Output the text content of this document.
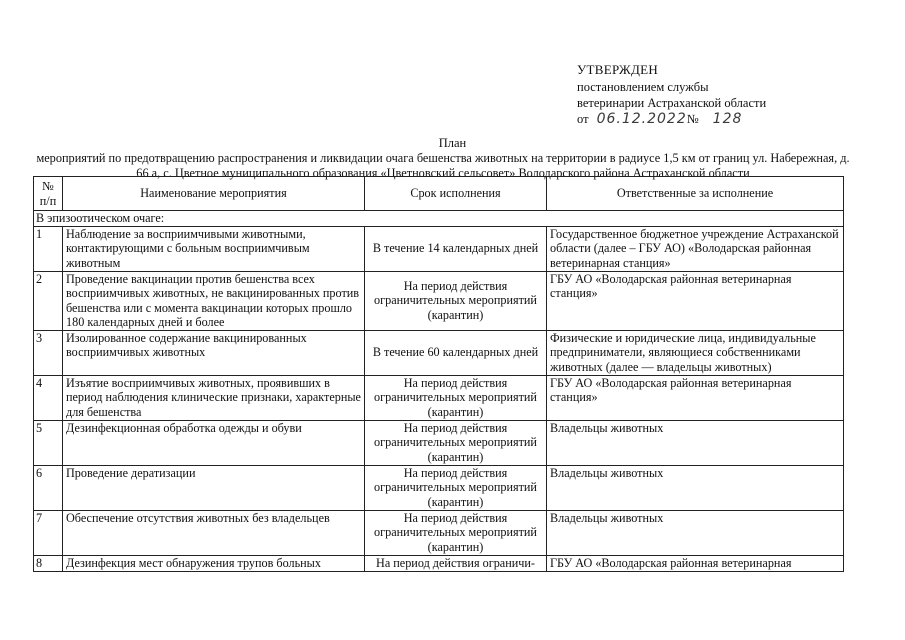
УТВЕРЖДЕН
постановлением службы
ветеринарии Астраханской области
от 06.12.2022№ 128
План
мероприятий по предотвращению распространения и ликвидации очага бешенства животных на территории в радиусе 1,5 км от границ ул. Набережная, д. 66 а, с. Цветное муниципального образования «Цветновский сельсовет» Володарского района Астраханской области
№ п/п	Наименование мероприятия	Срок исполнения	Ответственные за исполнение
В эпизоотическом очаге:			

1	Наблюдение за восприимчивыми животными, контактирующими с больным восприимчивым животным	В течение 14 календарных дней	Государственное бюджетное учреждение Астраханской области (далее – ГБУ АО) «Володарская районная ветеринарная станция»

2	Проведение вакцинации против бешенства всех восприимчивых животных, не вакцинированных против бешенства или с момента вакцинации которых прошло 180 календарных дней и более	На период действия ограничительных мероприятий (карантин)	ГБУ АО «Володарская районная ветеринарная станция»

3	Изолированное содержание вакцинированных восприимчивых животных	В течение 60 календарных дней	Физические и юридические лица, индивидуальные предприниматели, являющиеся собственниками животных (далее — владельцы животных)

4	Изъятие восприимчивых животных, проявивших в период наблюдения клинические признаки, характерные для бешенства	На период действия ограничительных мероприятий (карантин)	ГБУ АО «Володарская районная ветеринарная станция»

5	Дезинфекционная обработка одежды и обуви	На период действия ограничительных мероприятий (карантин)	Владельцы животных

6	Проведение дератизации	На период действия ограничительных мероприятий (карантин)	Владельцы животных

7	Обеспечение отсутствия животных без владельцев	На период действия ограничительных мероприятий (карантин)	Владельцы животных

8	Дезинфекция мест обнаружения трупов больных	На период действия ограничи-	ГБУ АО «Володарская районная ветеринарная
